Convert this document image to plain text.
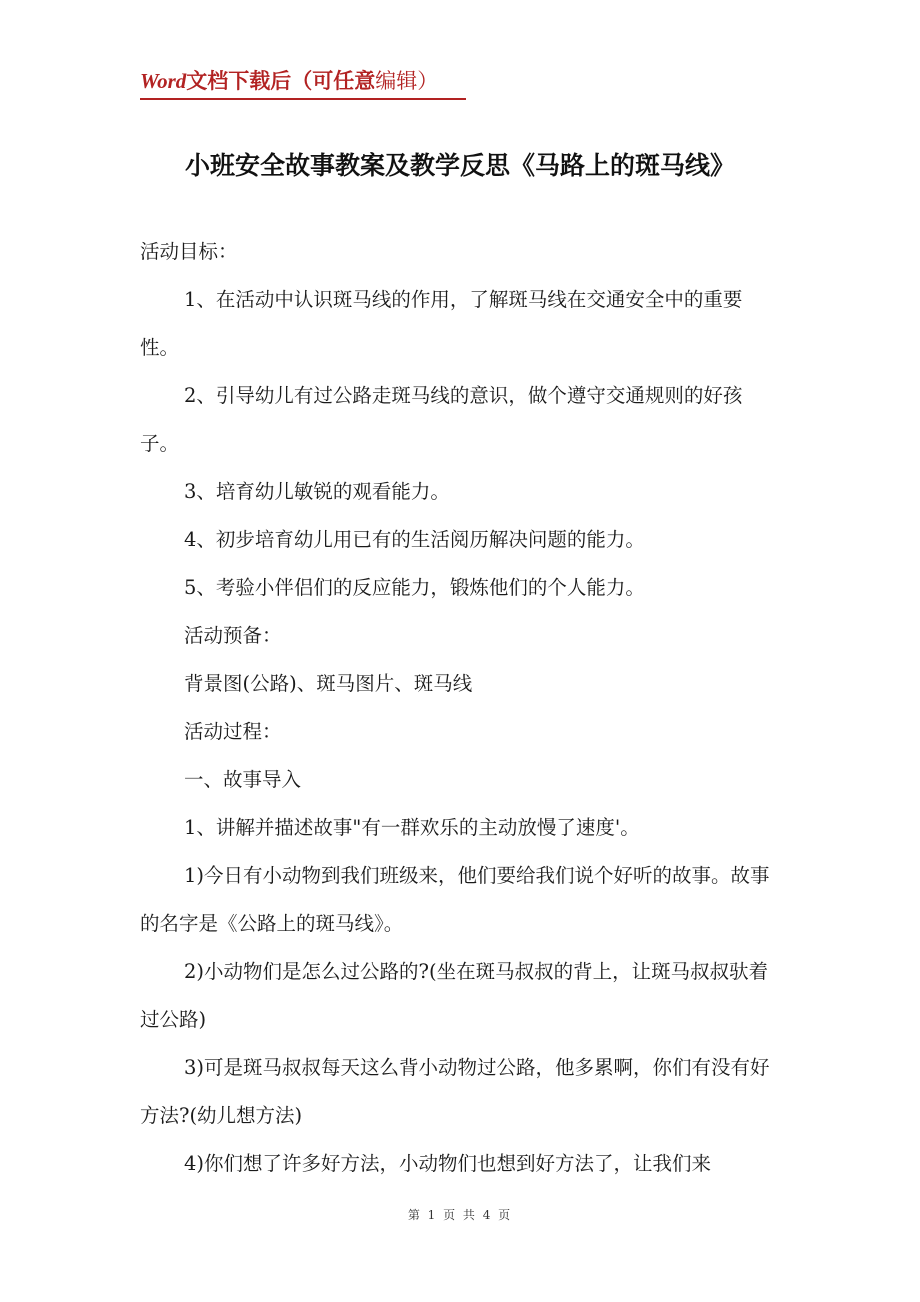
Word文档下载后（可任意编辑）
小班安全故事教案及教学反思《马路上的斑马线》

活动目标：

1、在活动中认识斑马线的作用，了解斑马线在交通安全中的重要性。

2、引导幼儿有过公路走斑马线的意识，做个遵守交通规则的好孩子。

3、培育幼儿敏锐的观看能力。

4、初步培育幼儿用已有的生活阅历解决问题的能力。

5、考验小伴侣们的反应能力，锻炼他们的个人能力。

活动预备：

背景图(公路)、斑马图片、斑马线

活动过程：

一、故事导入

1、讲解并描述故事"有一群欢乐的主动放慢了速度'。

1)今日有小动物到我们班级来，他们要给我们说个好听的故事。故事的名字是《公路上的斑马线》。

2)小动物们是怎么过公路的?(坐在斑马叔叔的背上，让斑马叔叔驮着过公路)

3)可是斑马叔叔每天这么背小动物过公路，他多累啊，你们有没有好方法?(幼儿想方法)

4)你们想了许多好方法，小动物们也想到好方法了，让我们来

第 1 页 共 4 页
